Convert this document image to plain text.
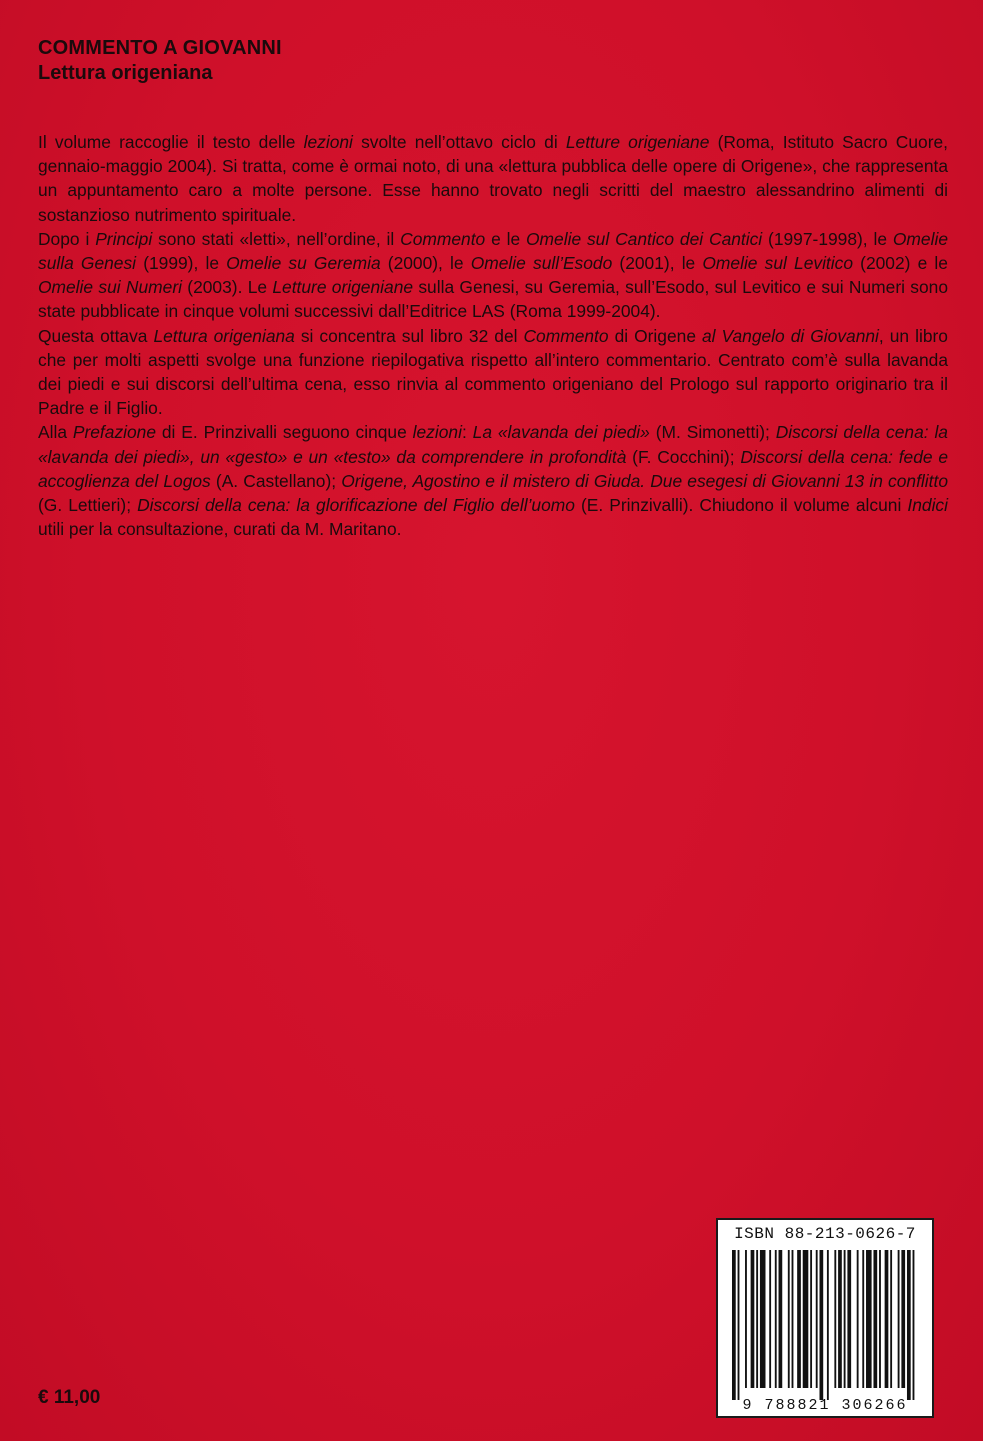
COMMENTO A GIOVANNI
Lettura origeniana

Il volume raccoglie il testo delle lezioni svolte nell’ottavo ciclo di Letture origeniane (Roma, Istituto Sacro Cuore, gennaio-maggio 2004). Si tratta, come è ormai noto, di una «lettura pubblica delle opere di Origene», che rappresenta un appuntamento caro a molte persone. Esse hanno trovato negli scritti del maestro alessandrino alimenti di sostanzioso nutrimento spirituale.

Dopo i Principi sono stati «letti», nell’ordine, il Commento e le Omelie sul Cantico dei Cantici (1997-1998), le Omelie sulla Genesi (1999), le Omelie su Geremia (2000), le Omelie sull’Esodo (2001), le Omelie sul Levitico (2002) e le Omelie sui Numeri (2003). Le Letture origeniane sulla Genesi, su Geremia, sull’Esodo, sul Levitico e sui Numeri sono state pubblicate in cinque volumi successivi dall’Editrice LAS (Roma 1999-2004).

Questa ottava Lettura origeniana si concentra sul libro 32 del Commento di Origene al Vangelo di Giovanni, un libro che per molti aspetti svolge una funzione riepilogativa rispetto all’intero commentario. Centrato com’è sulla lavanda dei piedi e sui discorsi dell’ultima cena, esso rinvia al commento origeniano del Prologo sul rapporto originario tra il Padre e il Figlio.

Alla Prefazione di E. Prinzivalli seguono cinque lezioni: La «lavanda dei piedi» (M. Simonetti); Discorsi della cena: la «lavanda dei piedi», un «gesto» e un «testo» da comprendere in profondità (F. Cocchini); Discorsi della cena: fede e accoglienza del Logos (A. Castellano); Origene, Agostino e il mistero di Giuda. Due esegesi di Giovanni 13 in conflitto (G. Lettieri); Discorsi della cena: la glorificazione del Figlio dell’uomo (E. Prinzivalli). Chiudono il volume alcuni Indici utili per la consultazione, curati da M. Maritano.

€ 11,00
ISBN 88-213-0626-7
9 788821 306266
